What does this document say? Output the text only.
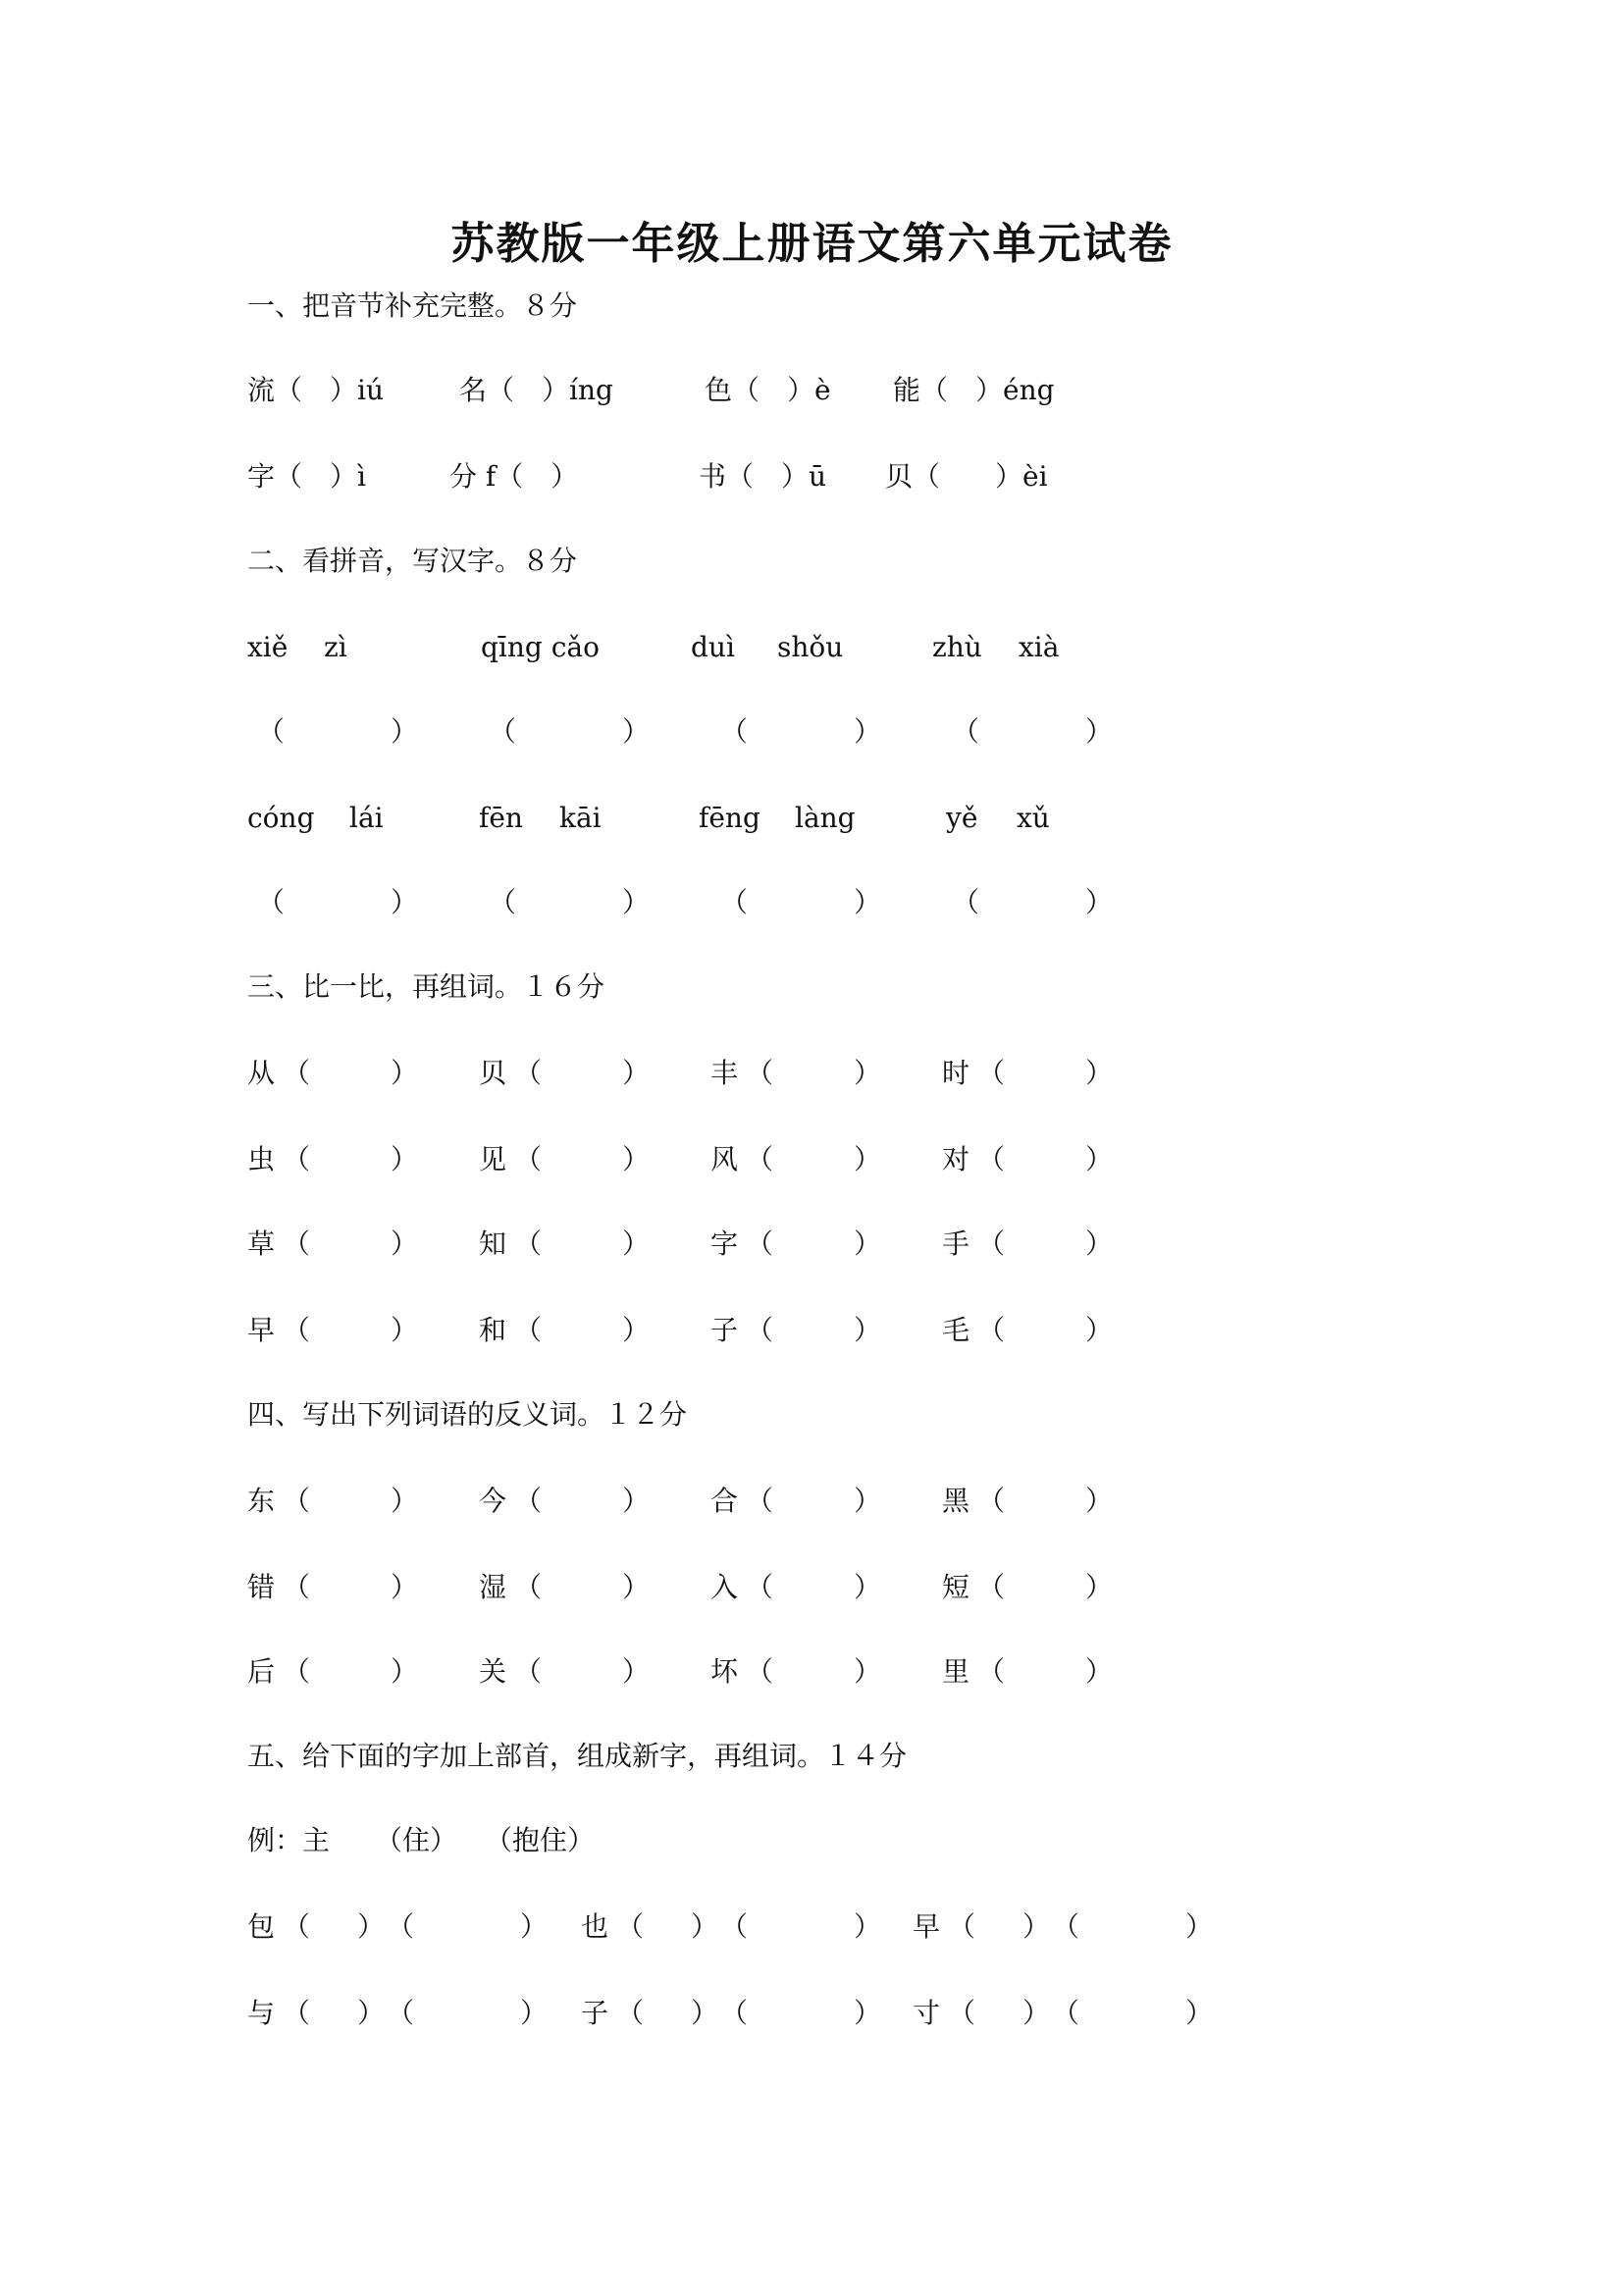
苏教版一年级上册语文第六单元试卷
一、把音节补充完整。８分
流（　）iú	名（　）íng	色（　）è 能（　）éng
字（　）ì	分 f（　）	书（　）ū 贝（　　）èi
二、看拼音，写汉字。８分
xiě zì	qīng cǎo	duì shǒu	zhù xià
（	）	（	）	（	）	（	）
cóng lái	fēn kāi	fēng làng	yě xǔ
（	）	（	）	（	）	（	）
三、比一比，再组词。１６分
从 （	） 贝 （	） 丰 （	） 时 （	）
虫 （	） 见 （	） 风 （	） 对 （	）
草 （	） 知 （	） 字 （	） 手 （	）
早 （	） 和 （	） 子 （	） 毛 （	）
四、写出下列词语的反义词。１２分
东 （	） 今 （	） 合 （	） 黑 （	）
错 （	） 湿 （	） 入 （	） 短 （	）
后 （	） 关 （	） 坏 （	） 里 （	）
五、给下面的字加上部首，组成新字，再组词。１４分
例：主 （住） （抱住）
包 （ ） （	） 也 （ ） （	） 早 （ ） （	）
与 （ ） （	） 子 （ ） （	） 寸 （ ） （	）
